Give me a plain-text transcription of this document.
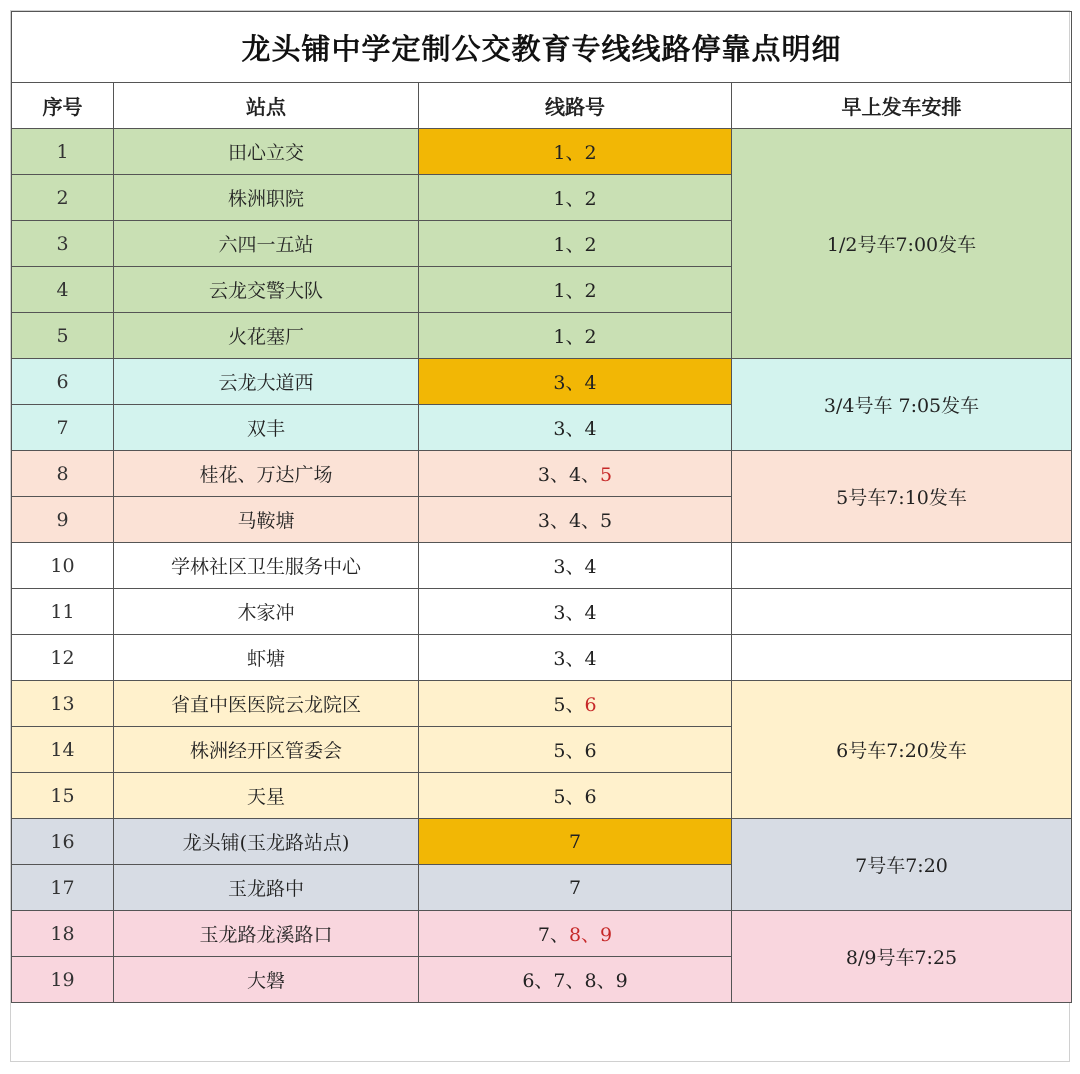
龙头铺中学定制公交教育专线线路停靠点明细			
序号	站点	线路号	早上发车安排
1	田心立交	1、2	1/2号车7:00发车
2	株洲职院	1、2	
3	六四一五站	1、2	
4	云龙交警大队	1、2	
5	火花塞厂	1、2	
6	云龙大道西	3、4	3/4号车 7:05发车
7	双丰	3、4	
8	桂花、万达广场	3、4、5	5号车7:10发车
9	马鞍塘	3、4、5	
10	学林社区卫生服务中心	3、4	
11	木家冲	3、4	
12	虾塘	3、4	
13	省直中医医院云龙院区	5、6	6号车7:20发车
14	株洲经开区管委会	5、6	
15	天星	5、6	
16	龙头铺(玉龙路站点)	7	7号车7:20
17	玉龙路中	7	
18	玉龙路龙溪路口	7、8、9	8/9号车7:25
19	大磐	6、7、8、9	
